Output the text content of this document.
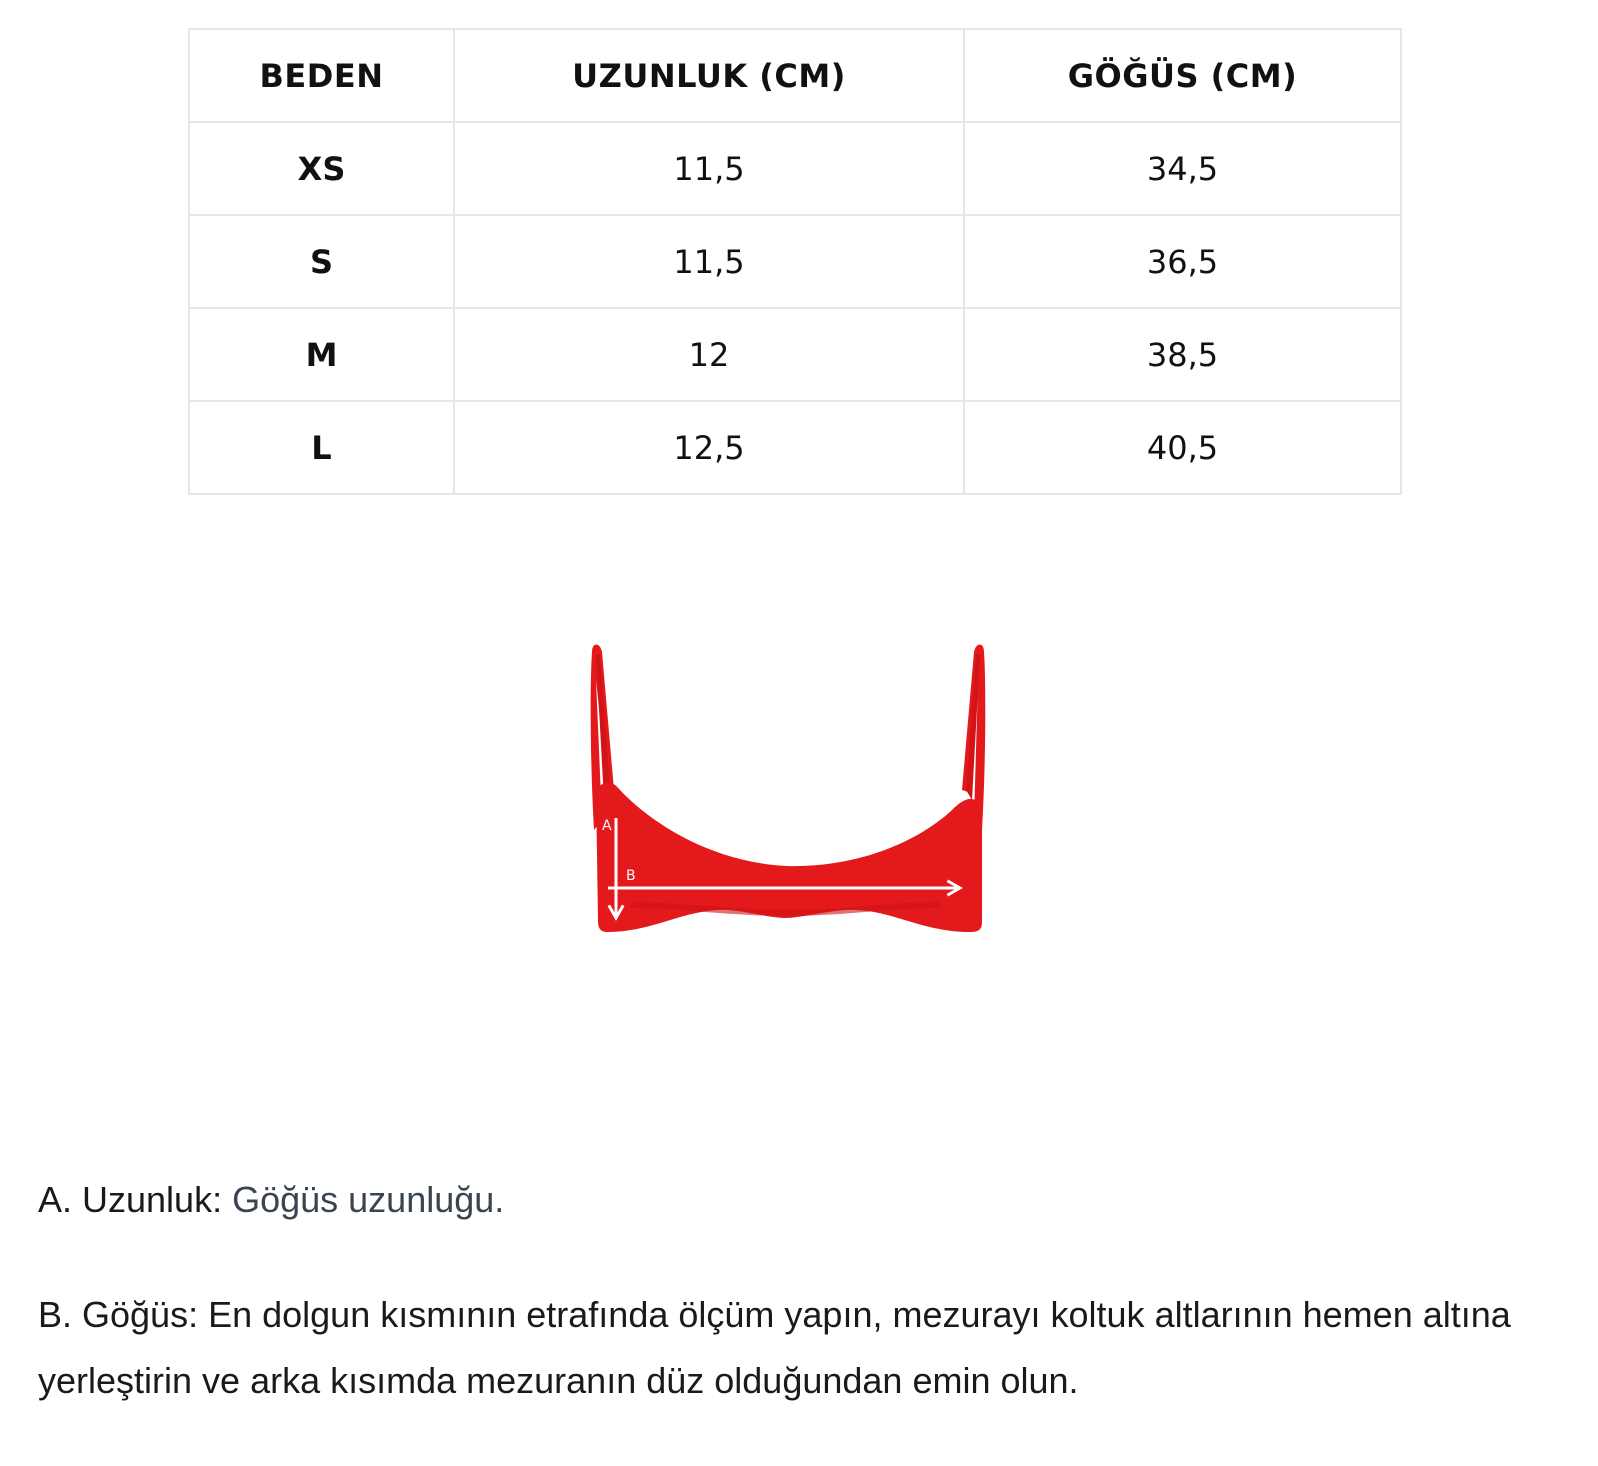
BEDEN	UZUNLUK (CM)	GÖĞÜS (CM)
XS	11,5	34,5
S	11,5	36,5
M	12	38,5
L	12,5	40,5
A
B

A. Uzunluk: Göğüs uzunluğu.

B. Göğüs: En dolgun kısmının etrafında ölçüm yapın, mezurayı koltuk altlarının hemen altına yerleştirin ve arka kısımda mezuranın düz olduğundan emin olun.
